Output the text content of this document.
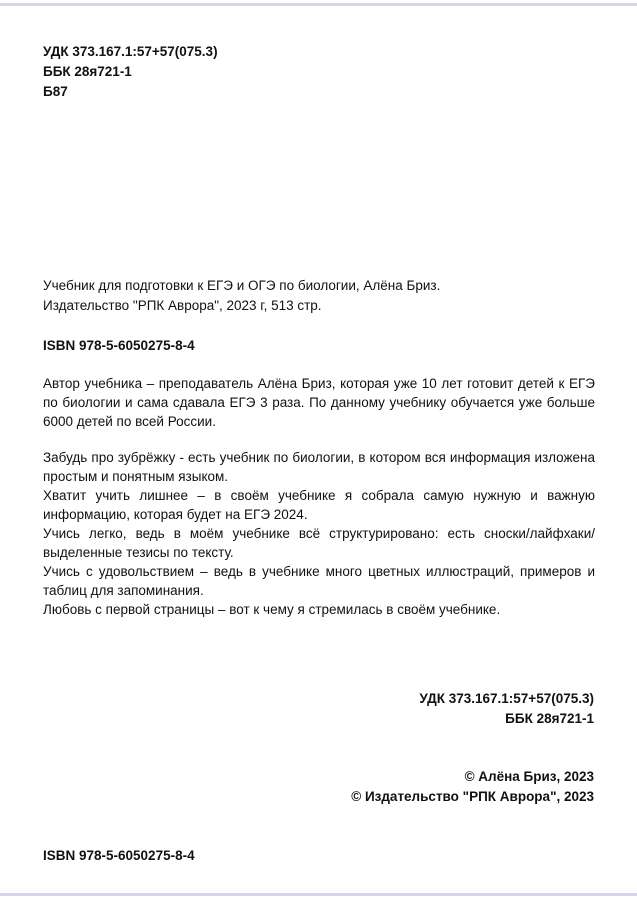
УДК 373.167.1:57+57(075.3)
ББК 28я721-1
Б87
Учебник для подготовки к ЕГЭ и ОГЭ по биологии, Алёна Бриз.
Издательство "РПК Аврора", 2023 г, 513 стр.
ISBN 978-5-6050275-8-4

Автор учебника – преподаватель Алёна Бриз, которая уже 10 лет готовит детей к ЕГЭ по биологии и сама сдавала ЕГЭ 3 раза. По данному учебнику обучается уже больше 6000 детей по всей России.

Забудь про зубрёжку - есть учебник по биологии, в котором вся информация изложена простым и понятным языком.

Хватит учить лишнее – в своём учебнике я собрала самую нужную и важную информацию, которая будет на ЕГЭ 2024.

Учись легко, ведь в моём учебнике всё структурировано: есть сноски/лайфхаки/ выделенные тезисы по тексту.

Учись с удовольствием – ведь в учебнике много цветных иллюстраций, примеров и таблиц для запоминания.

Любовь с первой страницы – вот к чему я стремилась в своём учебнике.

УДК 373.167.1:57+57(075.3)
ББК 28я721-1
© Алёна Бриз, 2023
© Издательство "РПК Аврора", 2023
ISBN 978-5-6050275-8-4
